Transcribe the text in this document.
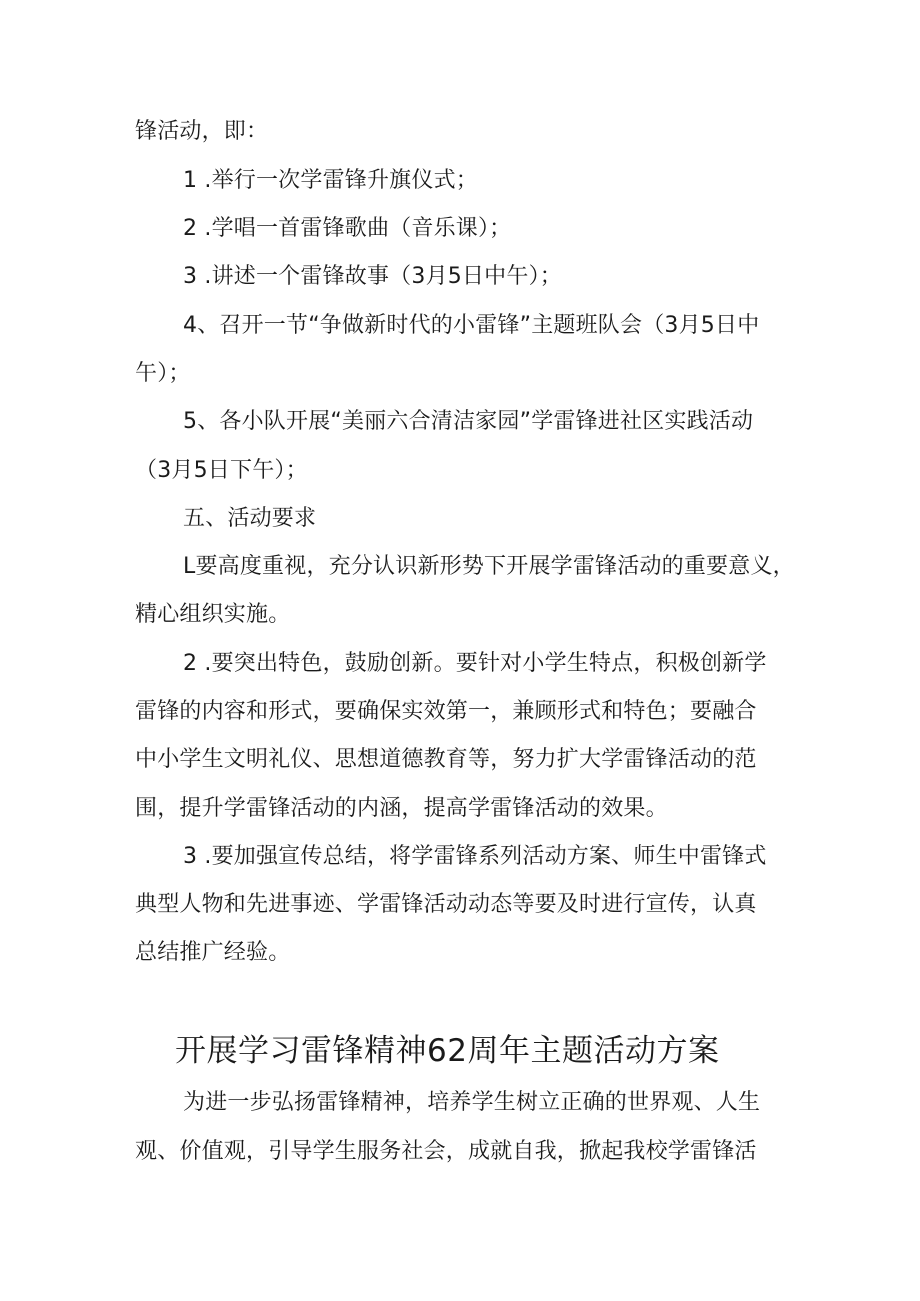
锋活动，即：
1 .举行一次学雷锋升旗仪式；
2 .学唱一首雷锋歌曲（音乐课）；
3 .讲述一个雷锋故事（3月5日中午）；
4、召开一节“争做新时代的小雷锋”主题班队会（3月5日中
午）；
5、各小队开展“美丽六合清洁家园”学雷锋进社区实践活动
（3月5日下午）；
五、活动要求
L要高度重视，充分认识新形势下开展学雷锋活动的重要意义，
精心组织实施。
2 .要突出特色，鼓励创新。要针对小学生特点，积极创新学
雷锋的内容和形式，要确保实效第一，兼顾形式和特色；要融合
中小学生文明礼仪、思想道德教育等，努力扩大学雷锋活动的范
围，提升学雷锋活动的内涵，提高学雷锋活动的效果。
3 .要加强宣传总结，将学雷锋系列活动方案、师生中雷锋式
典型人物和先进事迹、学雷锋活动动态等要及时进行宣传，认真
总结推广经验。
开展学习雷锋精神62周年主题活动方案
为进一步弘扬雷锋精神，培养学生树立正确的世界观、人生
观、价值观，引导学生服务社会，成就自我，掀起我校学雷锋活
